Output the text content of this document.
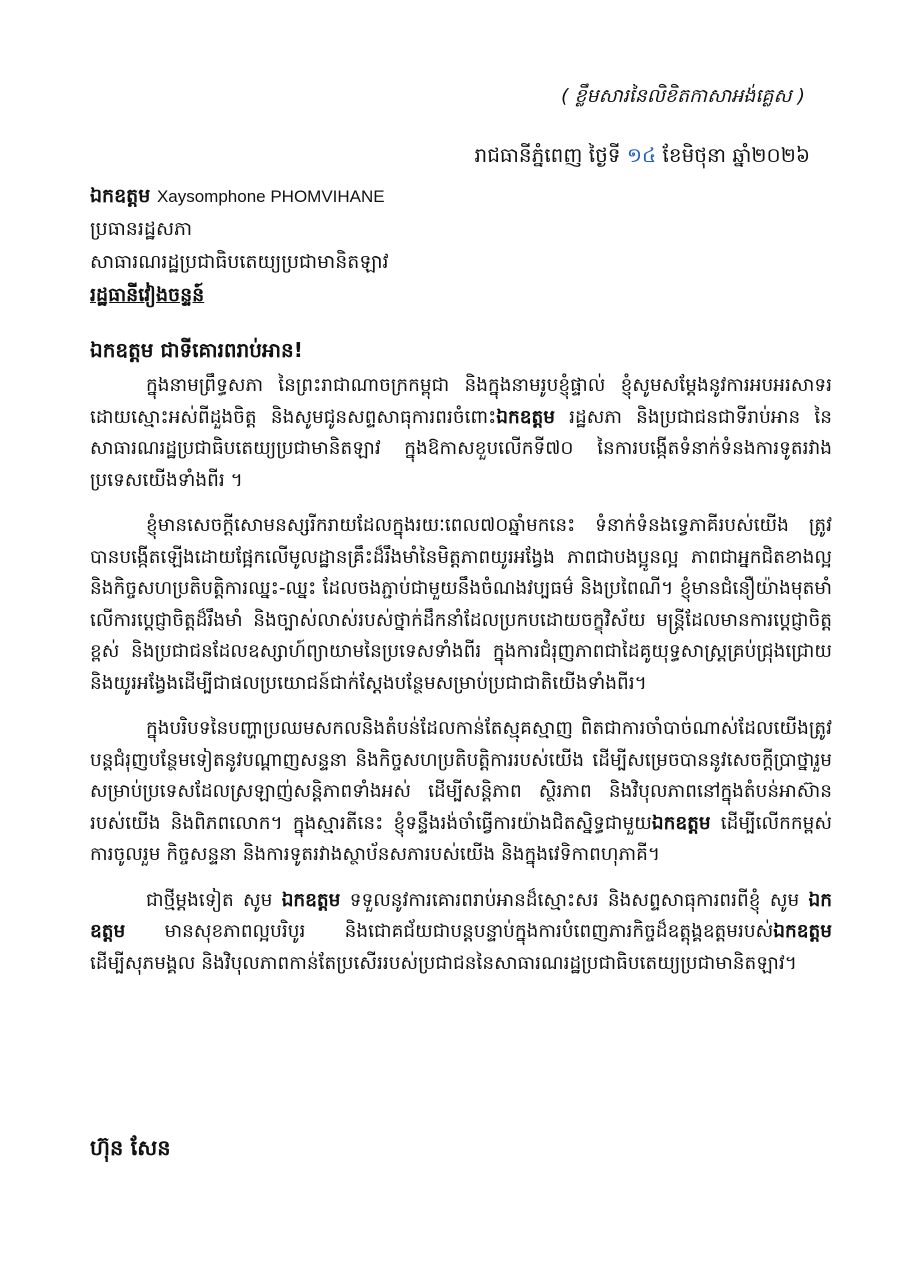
( ខ្លឹមសារនៃលិខិតកាសាអង់គ្លេស )
រាជធានីភ្នំពេញ ថ្ងៃទី ១៤ ខែមិថុនា ឆ្នាំ២០២៦
ឯកឧត្តម Xaysomphone PHOMVIHANE
ប្រធានរដ្ឋសភា
សាធារណរដ្ឋប្រជាធិបតេយ្យប្រជាមានិតឡាវ
រដ្ឋធានីវៀងចន្ទន៍
ឯកឧត្តម ជាទីគោរពរាប់អាន!

ក្នុងនាមព្រឹទ្ធសភា នៃព្រះរាជាណាចក្រកម្ពុជា និងក្នុងនាមរូបខ្ញុំផ្ទាល់ ខ្ញុំសូមសម្តែងនូវការអបអរសាទរដោយស្មោះអស់ពីដួងចិត្ត និងសូមជូនសព្ទសាធុការពរចំពោះឯកឧត្តម រដ្ឋសភា និងប្រជាជនជាទីរាប់អាន នៃសាធារណរដ្ឋប្រជាធិបតេយ្យប្រជាមានិតឡាវ ក្នុងឱកាសខួបលើកទី៧០ នៃការបង្កើតទំនាក់ទំនងការទូតរវាងប្រទេសយើងទាំងពីរ ។

ខ្ញុំមានសេចក្តីសោមនស្សរីករាយដែលក្នុងរយៈពេល៧០ឆ្នាំមកនេះ ទំនាក់ទំនងទ្វេភាគីរបស់យើង ត្រូវបានបង្កើតឡើងដោយផ្អែកលើមូលដ្ឋានគ្រឹះដ៏រឹងមាំនៃមិត្តភាពយូរអង្វែង ភាពជាបងប្អូនល្អ ភាពជាអ្នកជិតខាងល្អ និងកិច្ចសហប្រតិបត្តិការឈ្នះ-ឈ្នះ ដែលចងភ្ជាប់ជាមួយនឹងចំណងវប្បធម៌ និងប្រពៃណី។ ខ្ញុំមានជំនឿយ៉ាងមុតមាំលើការប្តេជ្ញាចិត្តដ៏រឹងមាំ និងច្បាស់លាស់របស់ថ្នាក់ដឹកនាំដែលប្រកបដោយចក្ខុវិស័យ មន្ត្រីដែលមានការប្តេជ្ញាចិត្តខ្ពស់ និងប្រជាជនដែលឧស្សាហ៍ព្យាយាមនៃប្រទេសទាំងពីរ ក្នុងការជំរុញភាពជាដៃគូយុទ្ធសាស្ត្រគ្រប់ជ្រុងជ្រោយ និងយូរអង្វែងដើម្បីជាផលប្រយោជន៍ជាក់ស្តែងបន្ថែមសម្រាប់ប្រជាជាតិយើងទាំងពីរ។

ក្នុងបរិបទនៃបញ្ហាប្រឈមសកលនិងតំបន់ដែលកាន់តែស្មុគស្មាញ ពិតជាការចាំបាច់ណាស់ដែលយើងត្រូវបន្តជំរុញបន្ថែមទៀតនូវបណ្តាញសន្ទនា និងកិច្ចសហប្រតិបត្តិការរបស់យើង ដើម្បីសម្រេចបាននូវសេចក្តីប្រាថ្នារួមសម្រាប់ប្រទេសដែលស្រឡាញ់សន្តិភាពទាំងអស់ ដើម្បីសន្តិភាព ស្ថិរភាព និងវិបុលភាពនៅក្នុងតំបន់អាស៊ានរបស់យើង និងពិភពលោក។ ក្នុងស្មារតីនេះ ខ្ញុំទន្ទឹងរង់ចាំធ្វើការយ៉ាងជិតស្និទ្ធជាមួយឯកឧត្តម ដើម្បីលើកកម្ពស់ការចូលរួម កិច្ចសន្ទនា និងការទូតរវាងស្ថាប័នសភារបស់យើង និងក្នុងវេទិកាពហុភាគី។

ជាថ្មីម្តងទៀត សូម ឯកឧត្តម ទទួលនូវការគោរពរាប់អានដ៏ស្មោះសរ និងសព្ទសាធុការពរពីខ្ញុំ សូម ឯកឧត្តម មានសុខភាពល្អបរិបូរ និងជោគជ័យជាបន្តបន្ទាប់ក្នុងការបំពេញភារកិច្ចដ៏ឧត្តុង្គឧត្តមរបស់ឯកឧត្តម ដើម្បីសុភមង្គល និងវិបុលភាពកាន់តែប្រសើររបស់ប្រជាជននៃសាធារណរដ្ឋប្រជាធិបតេយ្យប្រជាមានិតឡាវ។

ហ៊ុន សែន
